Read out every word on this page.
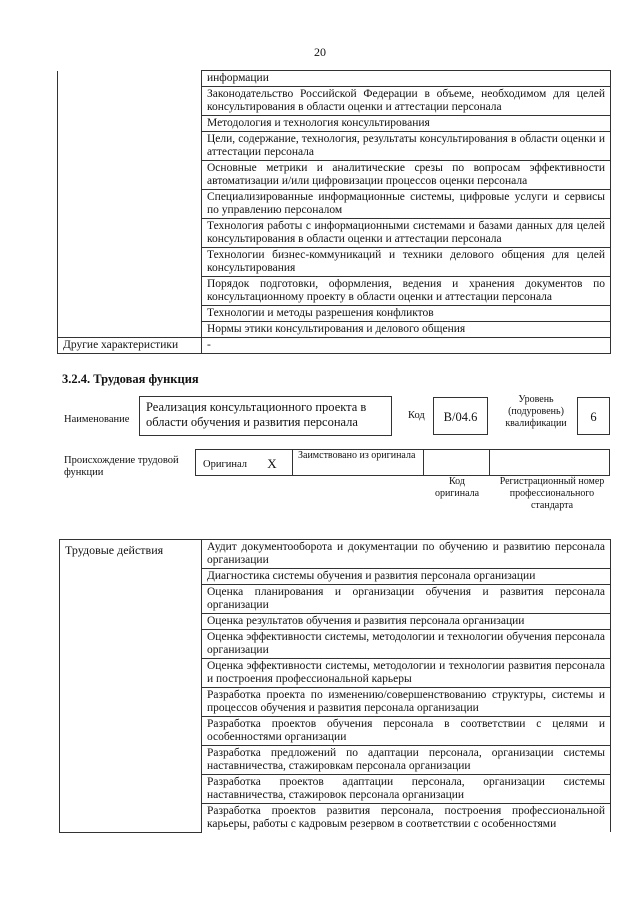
20
	информации
	Законодательство Российской Федерации в объеме, необходимом для целей консультирования в области оценки и аттестации персонала
	Методология и технология консультирования
	Цели, содержание, технология, результаты консультирования в области оценки и аттестации персонала
	Основные метрики и аналитические срезы по вопросам эффективности автоматизации и/или цифровизации процессов оценки персонала
	Специализированные информационные системы, цифровые услуги и сервисы по управлению персоналом
	Технология работы с информационными системами и базами данных для целей консультирования в области оценки и аттестации персонала
	Технологии бизнес-коммуникаций и техники делового общения для целей консультирования
	Порядок подготовки, оформления, ведения и хранения документов по консультационному проекту в области оценки и аттестации персонала
	Технологии и методы разрешения конфликтов
	Нормы этики консультирования и делового общения
Другие характеристики	-
3.2.4. Трудовая функция
Наименование
Реализация консультационного проекта в области обучения и развития персонала	Код	B/04.6
Уровень (подуровень) квалификации	6
Происхождение трудовой функции
Оригинал	X
Заимствовано из оригинала
Код оригинала
Регистрационный номер профессионального стандарта
Трудовые действия	Аудит документооборота и документации по обучению и развитию персонала организации
Диагностика системы обучения и развития персонала организации
Оценка планирования и организации обучения и развития персонала организации
Оценка результатов обучения и развития персонала организации
Оценка эффективности системы, методологии и технологии обучения персонала организации
Оценка эффективности системы, методологии и технологии развития персонала и построения профессиональной карьеры
Разработка проекта по изменению/совершенствованию структуры, системы и процессов обучения и развития персонала организации
Разработка проектов обучения персонала в соответствии с целями и особенностями организации
Разработка предложений по адаптации персонала, организации системы наставничества, стажировкам персонала организации
Разработка проектов адаптации персонала, организации системы наставничества, стажировок персонала организации
Разработка проектов развития персонала, построения профессиональной карьеры, работы с кадровым резервом в соответствии с особенностями
